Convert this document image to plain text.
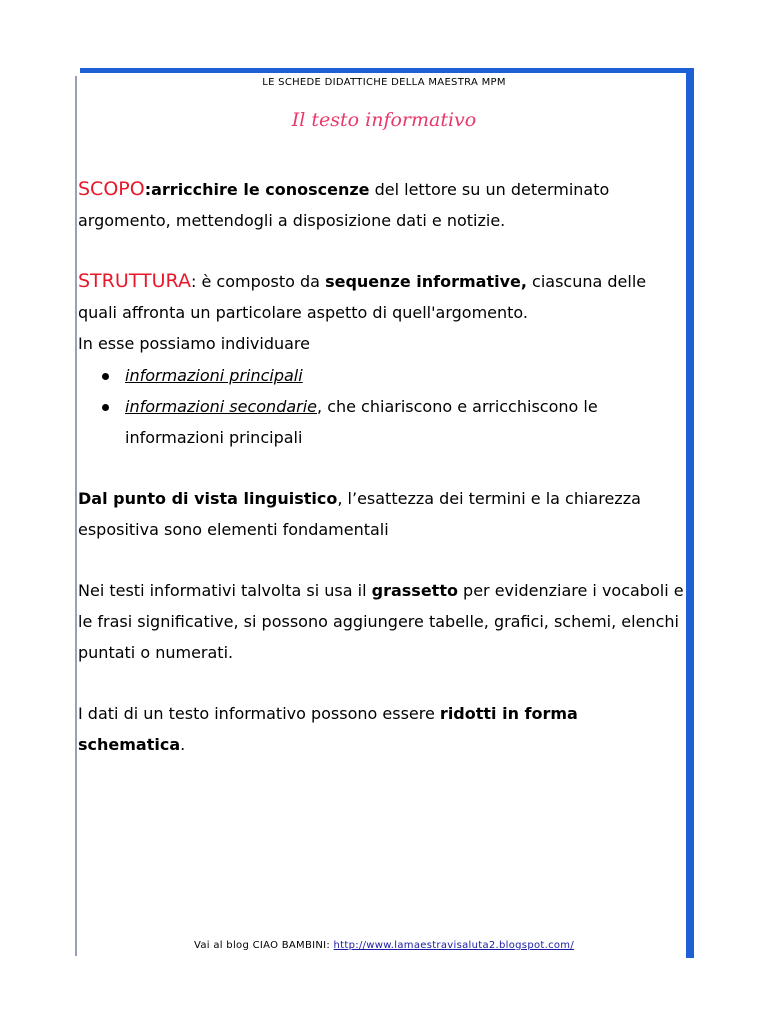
LE SCHEDE DIDATTICHE DELLA MAESTRA MPM
Il testo informativo

SCOPO:arricchire le conoscenze del lettore su un determinato argomento, mettendogli a disposizione dati e notizie.

STRUTTURA: è composto da sequenze informative, ciascuna delle quali affronta un particolare aspetto di quell'argomento.

In esse possiamo individuare

informazioni principali
informazioni secondarie, che chiariscono e arricchiscono le informazioni principali

Dal punto di vista linguistico, l’esattezza dei termini e la chiarezza espositiva sono elementi fondamentali

Nei testi informativi talvolta si usa il grassetto per evidenziare i vocaboli e le frasi significative, si possono aggiungere tabelle, grafici, schemi, elenchi puntati o numerati.

I dati di un testo informativo possono essere ridotti in forma schematica.

Vai al blog CIAO BAMBINI: http://www.lamaestravisaluta2.blogspot.com/
